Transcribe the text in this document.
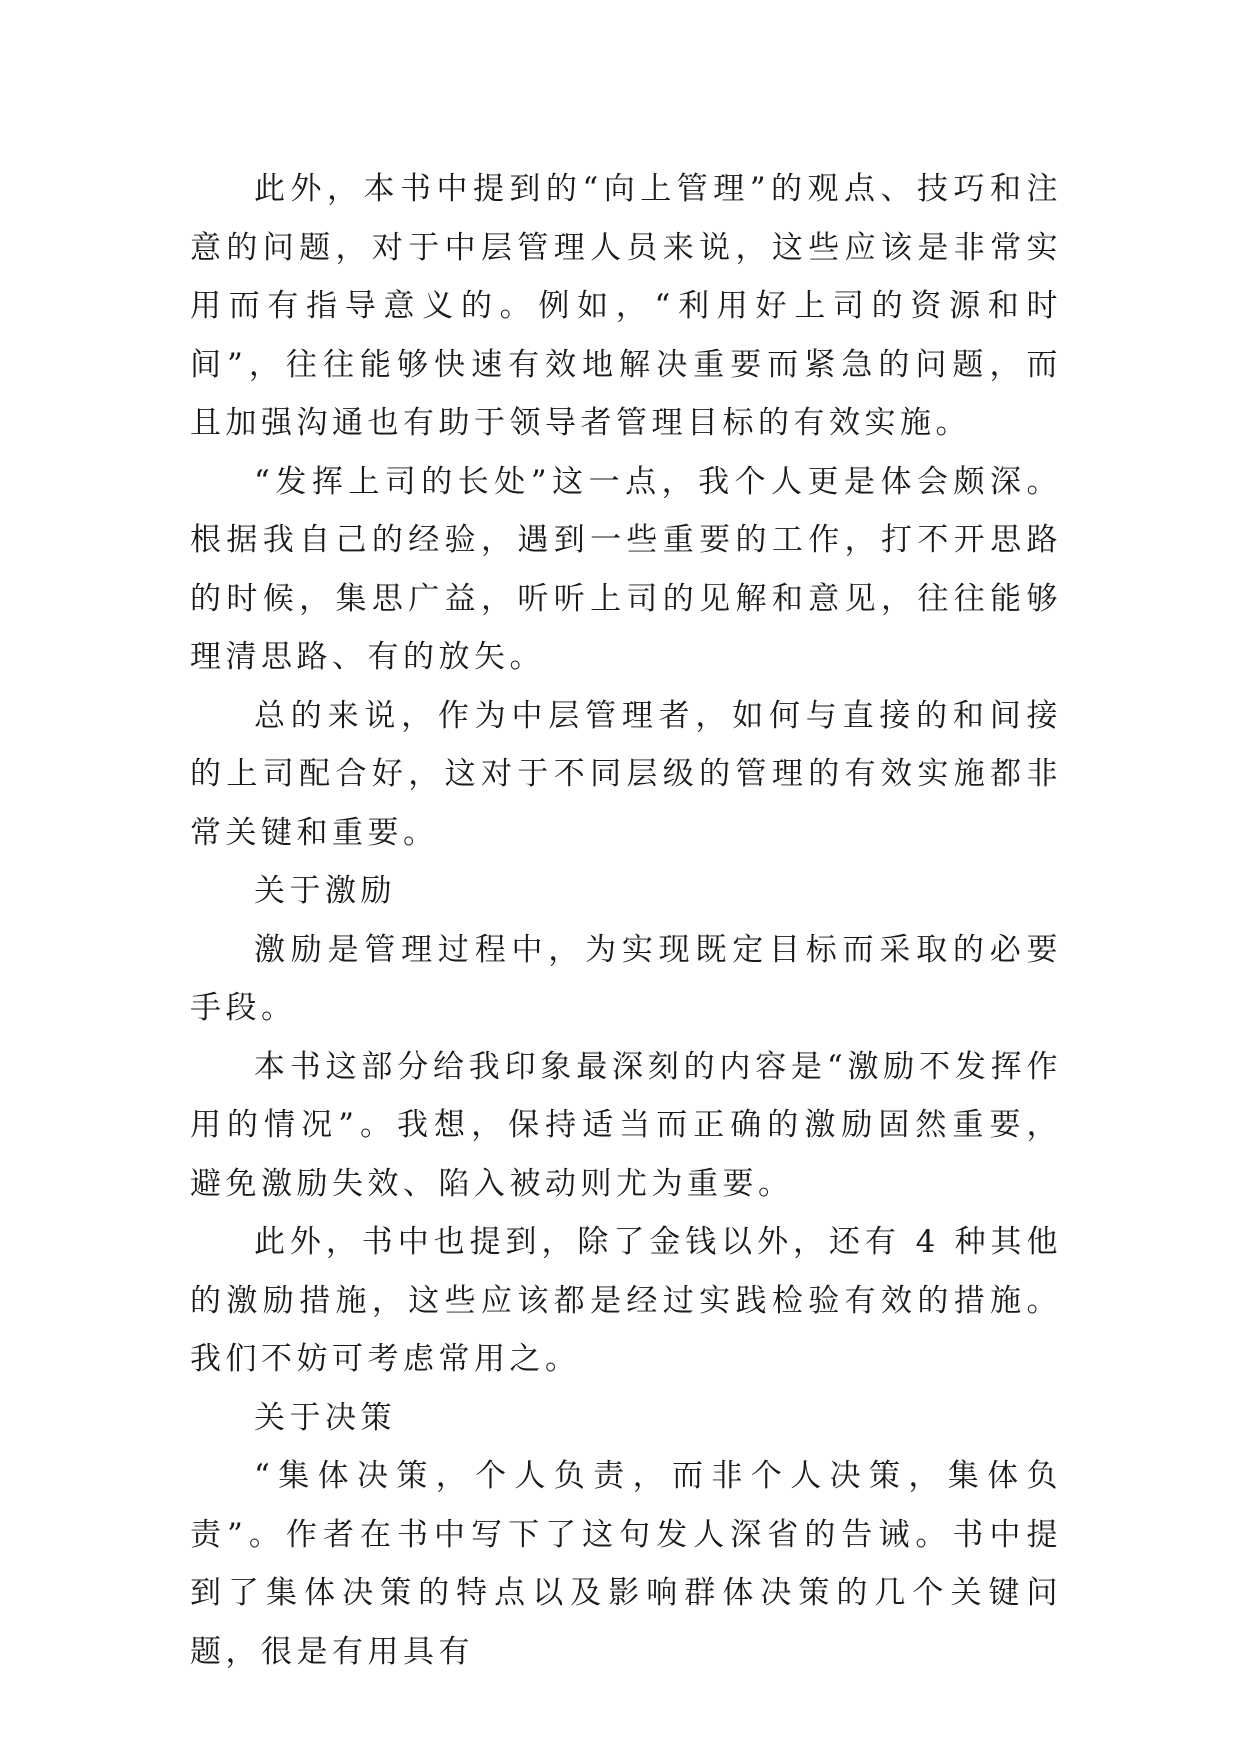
此外，本书中提到的“向上管理”的观点、技巧和注意的问题，对于中层管理人员来说，这些应该是非常实用而有指导意义的。例如，“利用好上司的资源和时间”，往往能够快速有效地解决重要而紧急的问题，而且加强沟通也有助于领导者管理目标的有效实施。

“发挥上司的长处”这一点，我个人更是体会颇深。根据我自己的经验，遇到一些重要的工作，打不开思路的时候，集思广益，听听上司的见解和意见，往往能够理清思路、有的放矢。

总的来说，作为中层管理者，如何与直接的和间接的上司配合好，这对于不同层级的管理的有效实施都非常关键和重要。

关于激励

激励是管理过程中，为实现既定目标而采取的必要手段。

本书这部分给我印象最深刻的内容是“激励不发挥作用的情况”。我想，保持适当而正确的激励固然重要，避免激励失效、陷入被动则尤为重要。

此外，书中也提到，除了金钱以外，还有 4 种其他的激励措施，这些应该都是经过实践检验有效的措施。我们不妨可考虑常用之。

关于决策

“集体决策，个人负责，而非个人决策，集体负责”。作者在书中写下了这句发人深省的告诫。书中提到了集体决策的特点以及影响群体决策的几个关键问题，很是有用具有
